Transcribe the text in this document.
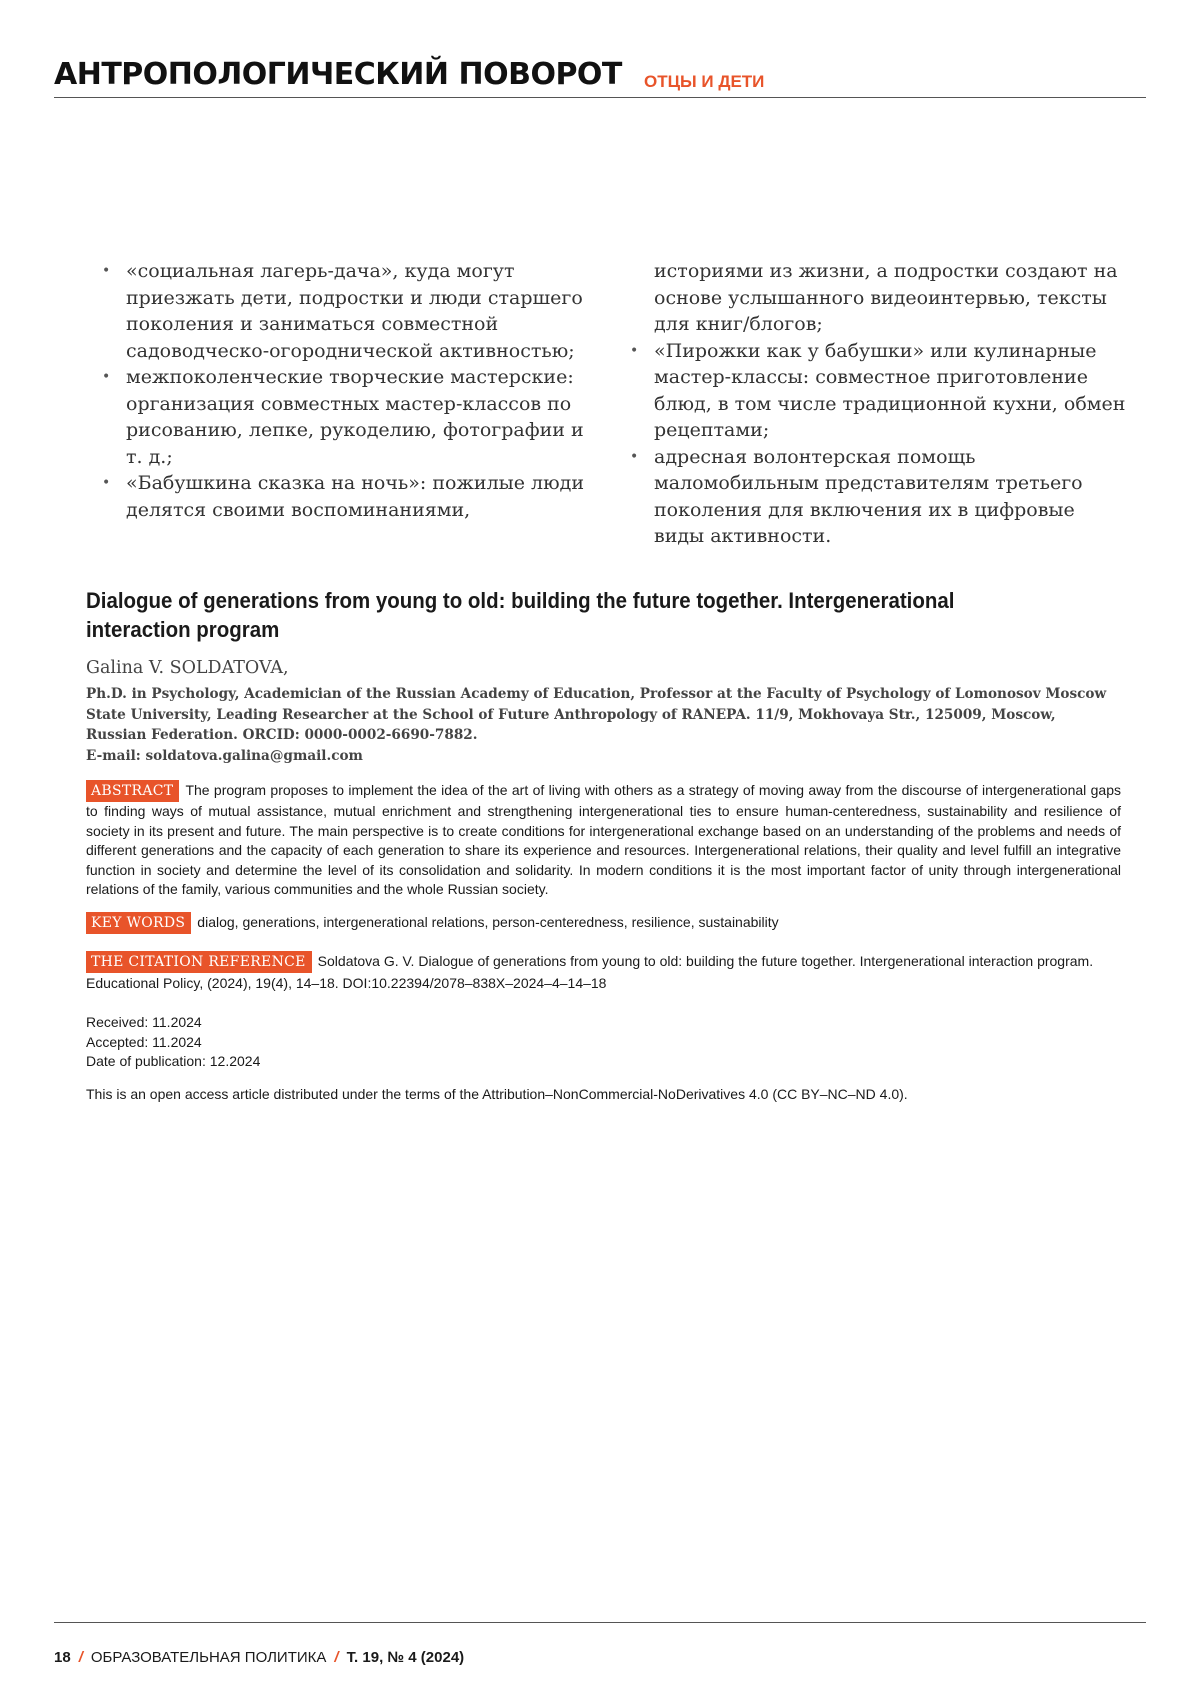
АНТРОПОЛОГИЧЕСКИЙ ПОВОРОТ ОТЦЫ И ДЕТИ
• «социальная лагерь-дача», куда могут приезжать дети, подростки и люди старшего поколения и заниматься совместной садоводческо-огороднической активностью;
• межпоколенческие творческие мастерские: организация совместных мастер-классов по рисованию, лепке, рукоделию, фотографии и т. д.;
• «Бабушкина сказка на ночь»: пожилые люди делятся своими воспоминаниями,
историями из жизни, а подростки создают на основе услышанного видеоинтервью, тексты для книг/блогов;
• «Пирожки как у бабушки» или кулинарные мастер-классы: совместное приготовление блюд, в том числе традиционной кухни, обмен рецептами;
• адресная волонтерская помощь маломобильным представителям третьего поколения для включения их в цифровые виды активности.
Dialogue of generations from young to old: building the future together. Intergenerational interaction program
Galina V. SOLDATOVA,
Ph.D. in Psychology, Academician of the Russian Academy of Education, Professor at the Faculty of Psychology of Lomonosov Moscow State University, Leading Researcher at the School of Future Anthropology of RANEPA. 11/9, Mokhovaya Str., 125009, Moscow, Russian Federation. ORCID: 0000-0002-6690-7882.
E-mail: soldatova.galina@gmail.com
ABSTRACT The program proposes to implement the idea of the art of living with others as a strategy of moving away from the discourse of intergenerational gaps to finding ways of mutual assistance, mutual enrichment and strengthening intergenerational ties to ensure human-centeredness, sustainability and resilience of society in its present and future. The main perspective is to create conditions for intergenerational exchange based on an understanding of the problems and needs of different generations and the capacity of each generation to share its experience and resources. Intergenerational relations, their quality and level fulfill an integrative function in society and determine the level of its consolidation and solidarity. In modern conditions it is the most important factor of unity through intergenerational relations of the family, various communities and the whole Russian society.
KEY WORDS dialog, generations, intergenerational relations, person-centeredness, resilience, sustainability
THE CITATION REFERENCE Soldatova G. V. Dialogue of generations from young to old: building the future together. Intergenerational interaction program. Educational Policy, (2024), 19(4), 14–18. DOI:10.22394/2078–838X–2024–4–14–18
Received: 11.2024
Accepted: 11.2024
Date of publication: 12.2024
This is an open access article distributed under the terms of the Attribution–NonCommercial-NoDerivatives 4.0 (CC BY–NC–ND 4.0).
18 / ОБРАЗОВАТЕЛЬНАЯ ПОЛИТИКА / Т. 19, № 4 (2024)
